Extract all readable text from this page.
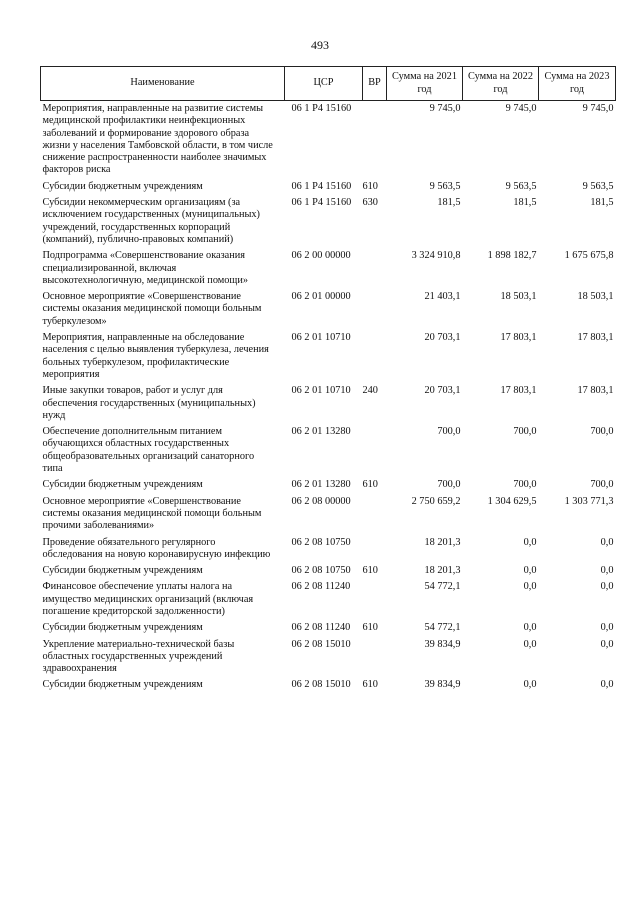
493
Наименование	ЦСР	ВР	Сумма на 2021 год	Сумма на 2022 год	Сумма на 2023 год
Мероприятия, направленные на развитие системы медицинской профилактики неинфекционных заболеваний и формирование здорового образа жизни у населения Тамбовской области, в том числе снижение распространенности наиболее значимых факторов риска	06 1 Р4 15160		9 745,0	9 745,0	9 745,0
Субсидии бюджетным учреждениям	06 1 Р4 15160	610	9 563,5	9 563,5	9 563,5
Субсидии некоммерческим организациям (за исключением государственных (муниципальных) учреждений, государственных корпораций (компаний), публично-правовых компаний)	06 1 Р4 15160	630	181,5	181,5	181,5
Подпрограмма «Совершенствование оказания специализированной, включая высокотехнологичную, медицинской помощи»	06 2 00 00000		3 324 910,8	1 898 182,7	1 675 675,8
Основное мероприятие «Совершенствование системы оказания медицинской помощи больным туберкулезом»	06 2 01 00000		21 403,1	18 503,1	18 503,1
Мероприятия, направленные на обследование населения с целью выявления туберкулеза, лечения больных туберкулезом, профилактические мероприятия	06 2 01 10710		20 703,1	17 803,1	17 803,1
Иные закупки товаров, работ и услуг для обеспечения государственных (муниципальных) нужд	06 2 01 10710	240	20 703,1	17 803,1	17 803,1
Обеспечение дополнительным питанием обучающихся областных государственных общеобразовательных организаций санаторного типа	06 2 01 13280		700,0	700,0	700,0
Субсидии бюджетным учреждениям	06 2 01 13280	610	700,0	700,0	700,0
Основное мероприятие «Совершенствование системы оказания медицинской помощи больным прочими заболеваниями»	06 2 08 00000		2 750 659,2	1 304 629,5	1 303 771,3
Проведение обязательного регулярного обследования на новую коронавирусную инфекцию	06 2 08 10750		18 201,3	0,0	0,0
Субсидии бюджетным учреждениям	06 2 08 10750	610	18 201,3	0,0	0,0
Финансовое обеспечение уплаты налога на имущество медицинских организаций (включая погашение кредиторской задолженности)	06 2 08 11240		54 772,1	0,0	0,0
Субсидии бюджетным учреждениям	06 2 08 11240	610	54 772,1	0,0	0,0
Укрепление материально-технической базы областных государственных учреждений здравоохранения	06 2 08 15010		39 834,9	0,0	0,0
Субсидии бюджетным учреждениям	06 2 08 15010	610	39 834,9	0,0	0,0
